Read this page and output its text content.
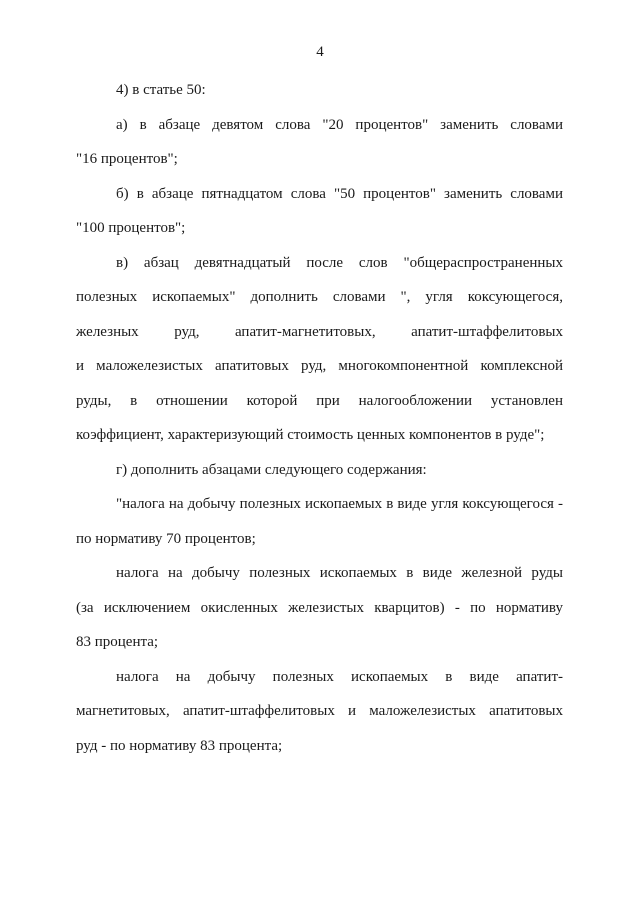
4
4) в статье 50:
а) в абзаце девятом слова "20 процентов" заменить словами
"16 процентов";
б) в абзаце пятнадцатом слова "50 процентов" заменить словами
"100 процентов";
в) абзац девятнадцатый после слов "общераспространенных
полезных ископаемых" дополнить словами ", угля коксующегося,
железных руд, апатит-магнетитовых, апатит-штаффелитовых
и маложелезистых апатитовых руд, многокомпонентной комплексной
руды, в отношении которой при налогообложении установлен
коэффициент, характеризующий стоимость ценных компонентов в руде";
г) дополнить абзацами следующего содержания:
"налога на добычу полезных ископаемых в виде угля коксующегося -
по нормативу 70 процентов;
налога на добычу полезных ископаемых в виде железной руды
(за исключением окисленных железистых кварцитов) - по нормативу
83 процента;
налога на добычу полезных ископаемых в виде апатит-
магнетитовых, апатит-штаффелитовых и маложелезистых апатитовых
руд - по нормативу 83 процента;
